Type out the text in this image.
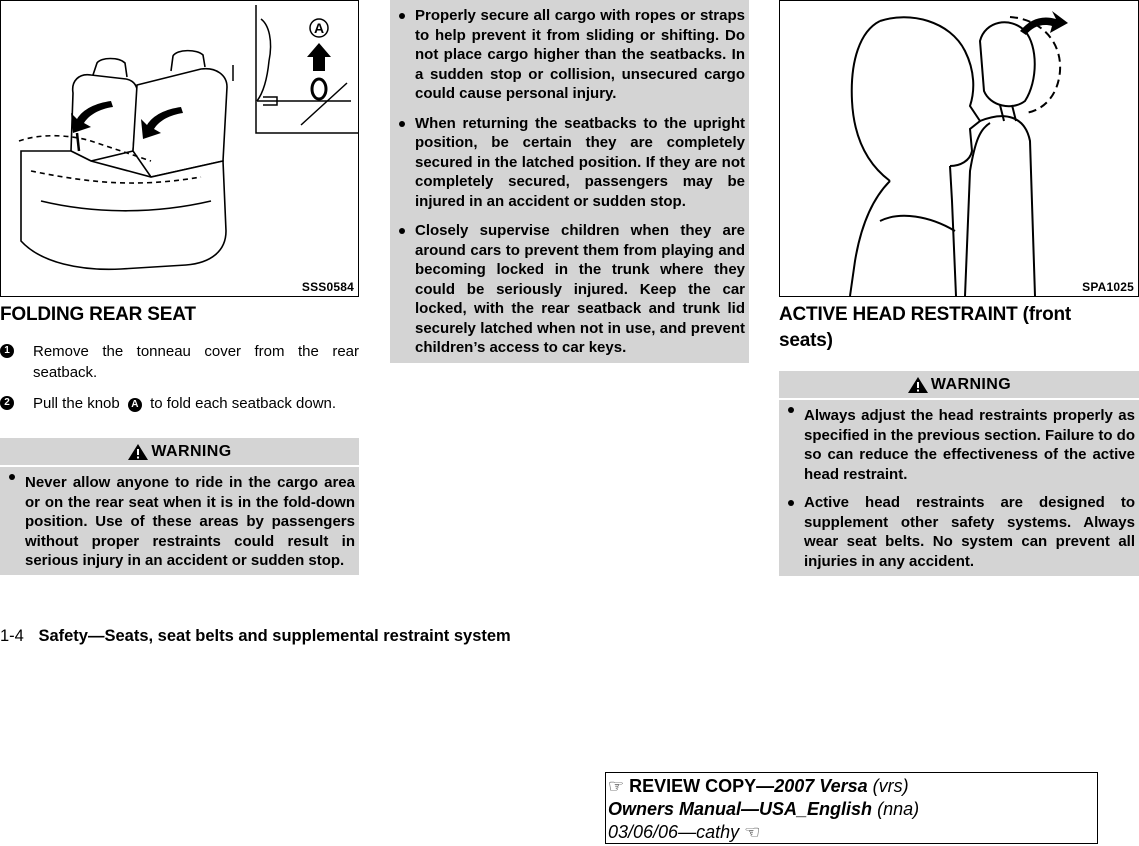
A
SSS0584
FOLDING REAR SEAT
1 Remove the tonneau cover from the rear seatback.
2 Pull the knob A to fold each seatback down.
WARNING
Never allow anyone to ride in the cargo area or on the rear seat when it is in the fold-down position. Use of these areas by passengers without proper restraints could result in serious injury in an accident or sudden stop.
Properly secure all cargo with ropes or straps to help prevent it from sliding or shifting. Do not place cargo higher than the seatbacks. In a sudden stop or collision, unsecured cargo could cause personal injury.
When returning the seatbacks to the upright position, be certain they are completely secured in the latched position. If they are not completely secured, passengers may be injured in an accident or sudden stop.
Closely supervise children when they are around cars to prevent them from playing and becoming locked in the trunk where they could be seriously injured. Keep the car locked, with the rear seatback and trunk lid securely latched when not in use, and prevent children’s access to car keys.
SPA1025
ACTIVE HEAD RESTRAINT (front seats)
WARNING
Always adjust the head restraints properly as specified in the previous section. Failure to do so can reduce the effectiveness of the active head restraint.
Active head restraints are designed to supplement other safety systems. Always wear seat belts. No system can prevent all injuries in any accident.
1-4 Safety—Seats, seat belts and supplemental restraint system
☞ REVIEW COPY—2007 Versa (vrs)
Owners Manual—USA_English (nna)
03/06/06—cathy ☜
